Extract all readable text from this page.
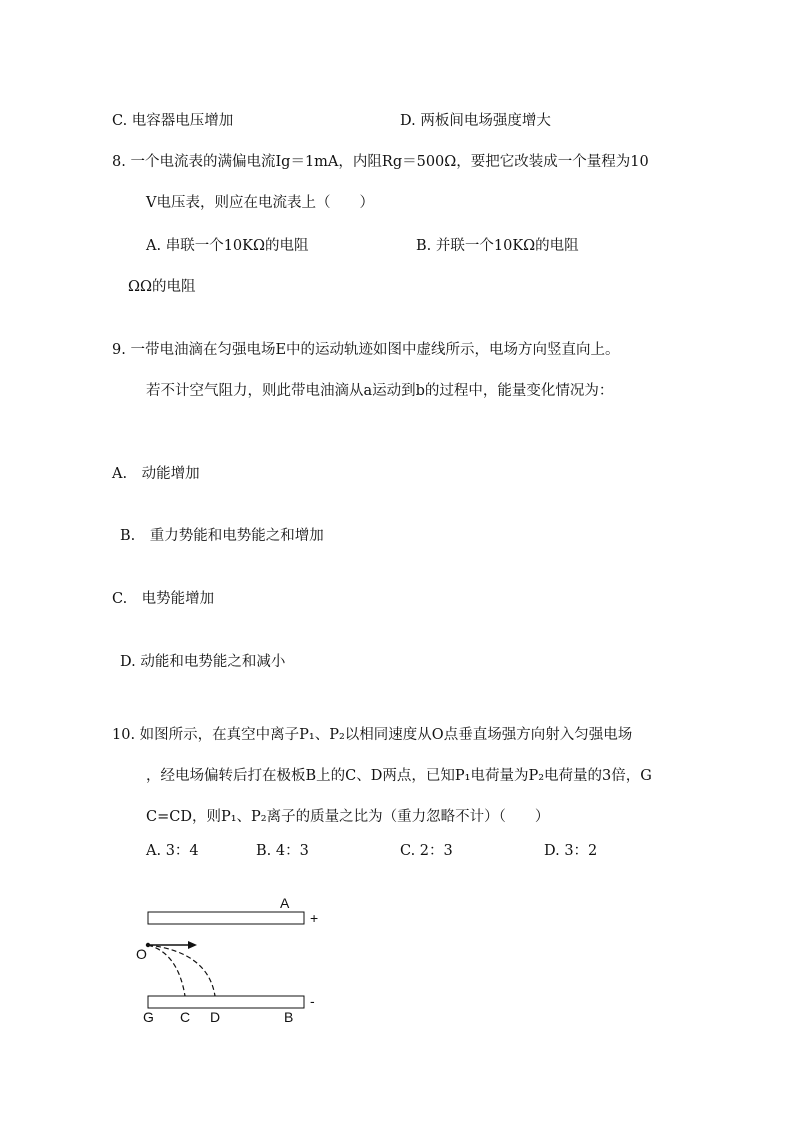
C. 电容器电压增加	D. 两板间电场强度增大
8. 一个电流表的满偏电流Ig＝1mA，内阻Rg＝500Ω，要把它改装成一个量程为10
V电压表，则应在电流表上（　　）
A. 串联一个10KΩ的电阻	B. 并联一个10KΩ的电阻
ΩΩ的电阻
9. 一带电油滴在匀强电场E中的运动轨迹如图中虚线所示，电场方向竖直向上。
若不计空气阻力，则此带电油滴从a运动到b的过程中，能量变化情况为：
A.　动能增加
B.　重力势能和电势能之和增加
C.　电势能增加
D. 动能和电势能之和减小
10. 如图所示，在真空中离子P₁、P₂以相同速度从O点垂直场强方向射入匀强电场
，经电场偏转后打在极板B上的C、D两点，已知P₁电荷量为P₂电荷量的3倍，G
C=CD，则P₁、P₂离子的质量之比为（重力忽略不计）（　　）
A. 3：4	B. 4：3	C. 2：3	D. 3：2
A
+
-
O
G C D	B
